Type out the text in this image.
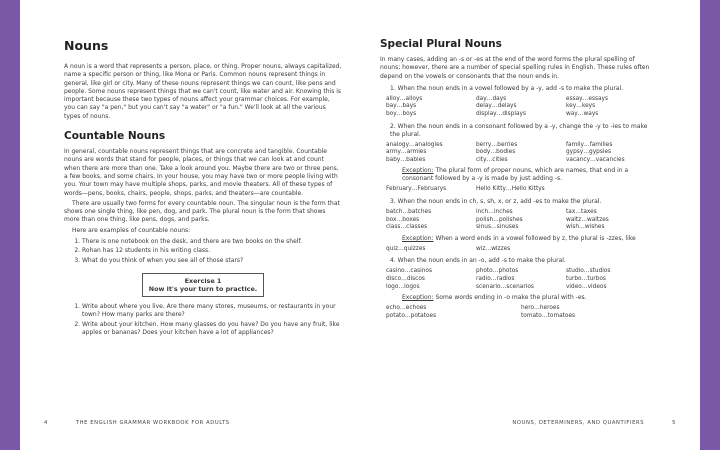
Nouns

A noun is a word that represents a person, place, or thing. Proper nouns, always capitalized, name a specific person or thing, like Mona or Paris. Common nouns represent things in general, like girl or city. Many of these nouns represent things we can count, like pens and people. Some nouns represent things that we can't count, like water and air. Knowing this is important because these two types of nouns affect your grammar choices. For example, you can say "a pen," but you can't say "a water" or "a fun." We'll look at all the various types of nouns.

Countable Nouns

In general, countable nouns represent things that are concrete and tangible. Countable nouns are words that stand for people, places, or things that we can look at and count when there are more than one. Take a look around you. Maybe there are two or three pens, a few books, and some chairs. In your house, you may have two or more people living with you. Your town may have multiple shops, parks, and movie theaters. All of these types of words—pens, books, chairs, people, shops, parks, and theaters—are countable.

There are usually two forms for every countable noun. The singular noun is the form that shows one single thing, like pen, dog, and park. The plural noun is the form that shows more than one thing, like pens, dogs, and parks.

Here are examples of countable nouns:

1. There is one notebook on the desk, and there are two books on the shelf.
2. Rohan has 12 students in his writing class.
3. What do you think of when you see all of those stars?
Exercise 1
Now it's your turn to practice.
1. Write about where you live. Are there many stores, museums, or restaurants in your town? How many parks are there?
2. Write about your kitchen. How many glasses do you have? Do you have any fruit, like apples or bananas? Does your kitchen have a lot of appliances?
Special Plural Nouns

In many cases, adding an -s or -es at the end of the word forms the plural spelling of nouns; however, there are a number of special spelling rules in English. These rules often depend on the vowels or consonants that the noun ends in.

1. When the noun ends in a vowel followed by a -y, add -s to make the plural.
alloy…alloys	day…days	essay…essays
bay…bays	delay…delays	key…keys
boy…boys	display…displays	way…ways
2. When the noun ends in a consonant followed by a -y, change the -y to -ies to make the plural.
analogy…analogies	berry…berries	family…families
army…armies	body…bodies	gypsy…gypsies
baby…babies	city…cities	vacancy…vacancies
Exception: The plural form of proper nouns, which are names, that end in a consonant followed by a -y is made by just adding -s.
February…Februarys	Hello Kitty…Hello Kittys
3. When the noun ends in ch, s, sh, x, or z, add -es to make the plural.
batch…batches	inch…inches	tax…taxes
box…boxes	polish…polishes	waltz…waltzes
class…classes	sinus…sinuses	wish…wishes
Exception: When a word ends in a vowel followed by z, the plural is -zzes, like
quiz…quizzes	wiz…wizzes
4. When the noun ends in an -o, add -s to make the plural.
casino…casinos	photo…photos	studio…studios
disco…discos	radio…radios	turbo…turbos
logo…logos	scenario…scenarios	video…videos
Exception: Some words ending in -o make the plural with -es.
echo…echoes	hero…heroes
potato…potatoes	tomato…tomatoes
4	THE ENGLISH GRAMMAR WORKBOOK FOR ADULTS	NOUNS, DETERMINERS, AND QUANTIFIERS	5
